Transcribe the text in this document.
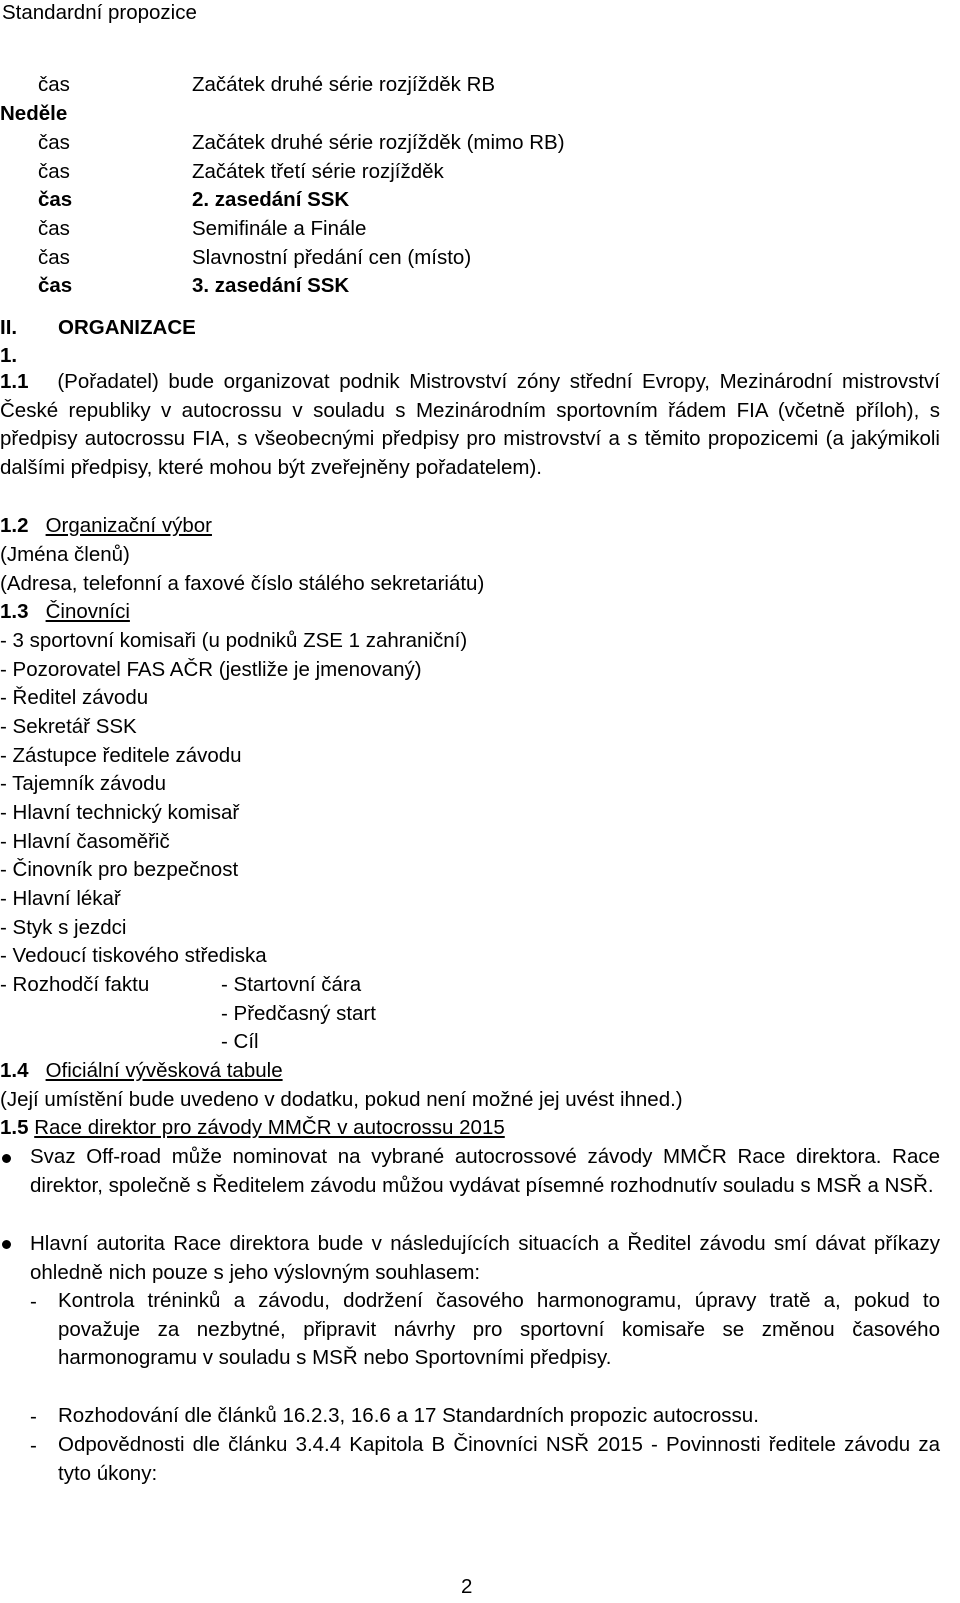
Standardní propozice
čas	Začátek druhé série rozjížděk RB
Neděle
čas	Začátek druhé série rozjížděk (mimo RB)
čas	Začátek třetí série rozjížděk
čas	2. zasedání SSK
čas	Semifinále a Finále
čas	Slavnostní předání cen (místo)
čas	3. zasedání SSK
II. ORGANIZACE
1.
1.1 (Pořadatel) bude organizovat podnik Mistrovství zóny střední Evropy, Mezinárodní mistrovství České republiky v autocrossu v souladu s Mezinárodním sportovním řádem FIA (včetně příloh), s předpisy autocrossu FIA, s všeobecnými předpisy pro mistrovství a s těmito propozicemi (a jakýmikoli dalšími předpisy, které mohou být zveřejněny pořadatelem).
1.2 Organizační výbor
(Jména členů)
(Adresa, telefonní a faxové číslo stálého sekretariátu)
1.3 Činovníci
- 3 sportovní komisaři (u podniků ZSE 1 zahraniční)
- Pozorovatel FAS AČR (jestliže je jmenovaný)
- Ředitel závodu
- Sekretář SSK
- Zástupce ředitele závodu
- Tajemník závodu
- Hlavní technický komisař
- Hlavní časoměřič
- Činovník pro bezpečnost
- Hlavní lékař
- Styk s jezdci
- Vedoucí tiskového střediska
- Rozhodčí faktu	- Startovní čára
- Předčasný start
- Cíl
1.4 Oficiální vývěsková tabule
(Její umístění bude uvedeno v dodatku, pokud není možné jej uvést ihned.)
1.5 Race direktor pro závody MMČR v autocrossu 2015
Svaz Off-road může nominovat na vybrané autocrossové závody MMČR Race direktora. Race direktor, společně s Ředitelem závodu můžou vydávat písemné rozhodnutív souladu s MSŘ a NSŘ.
Hlavní autorita Race direktora bude v následujících situacích a Ředitel závodu smí dávat příkazy ohledně nich pouze s jeho výslovným souhlasem:
- Kontrola tréninků a závodu, dodržení časového harmonogramu, úpravy tratě a, pokud to považuje za nezbytné, připravit návrhy pro sportovní komisaře se změnou časového harmonogramu v souladu s MSŘ nebo Sportovními předpisy.
- Rozhodování dle článků 16.2.3, 16.6 a 17 Standardních propozic autocrossu.
- Odpovědnosti dle článku 3.4.4 Kapitola B Činovníci NSŘ 2015 - Povinnosti ředitele závodu za tyto úkony:
2
